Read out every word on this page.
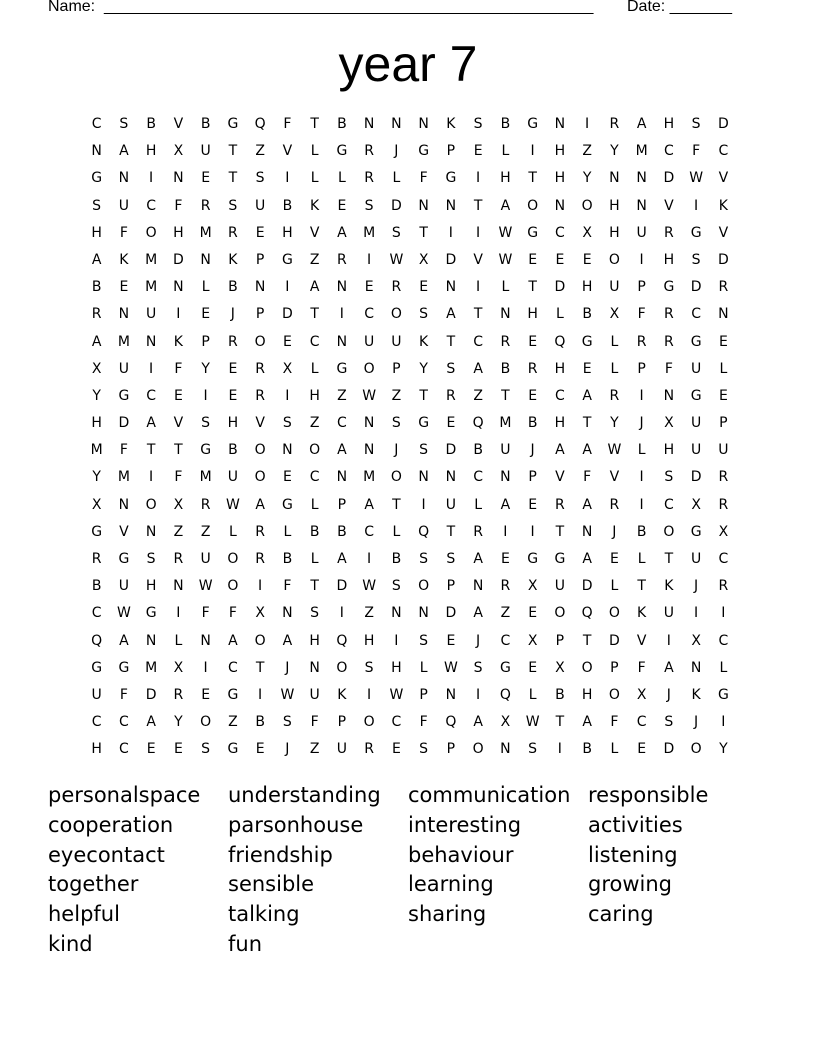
Name: _______________________________________________________ Date: _______
year 7
C	S	B	V	B	G	Q	F	T	B	N	N	N	K	S	B	G	N	I	R	A	H	S	D
N	A	H	X	U	T	Z	V	L	G	R	J	G	P	E	L	I	H	Z	Y	M	C	F	C
G	N	I	N	E	T	S	I	L	L	R	L	F	G	I	H	T	H	Y	N	N	D	W	V
S	U	C	F	R	S	U	B	K	E	S	D	N	N	T	A	O	N	O	H	N	V	I	K
H	F	O	H	M	R	E	H	V	A	M	S	T	I	I	W	G	C	X	H	U	R	G	V
A	K	M	D	N	K	P	G	Z	R	I	W	X	D	V	W	E	E	E	O	I	H	S	D
B	E	M	N	L	B	N	I	A	N	E	R	E	N	I	L	T	D	H	U	P	G	D	R
R	N	U	I	E	J	P	D	T	I	C	O	S	A	T	N	H	L	B	X	F	R	C	N
A	M	N	K	P	R	O	E	C	N	U	U	K	T	C	R	E	Q	G	L	R	R	G	E
X	U	I	F	Y	E	R	X	L	G	O	P	Y	S	A	B	R	H	E	L	P	F	U	L
Y	G	C	E	I	E	R	I	H	Z	W	Z	T	R	Z	T	E	C	A	R	I	N	G	E
H	D	A	V	S	H	V	S	Z	C	N	S	G	E	Q	M	B	H	T	Y	J	X	U	P
M	F	T	T	G	B	O	N	O	A	N	J	S	D	B	U	J	A	A	W	L	H	U	U
Y	M	I	F	M	U	O	E	C	N	M	O	N	N	C	N	P	V	F	V	I	S	D	R
X	N	O	X	R	W	A	G	L	P	A	T	I	U	L	A	E	R	A	R	I	C	X	R
G	V	N	Z	Z	L	R	L	B	B	C	L	Q	T	R	I	I	T	N	J	B	O	G	X
R	G	S	R	U	O	R	B	L	A	I	B	S	S	A	E	G	G	A	E	L	T	U	C
B	U	H	N	W	O	I	F	T	D	W	S	O	P	N	R	X	U	D	L	T	K	J	R
C	W	G	I	F	F	X	N	S	I	Z	N	N	D	A	Z	E	O	Q	O	K	U	I	I
Q	A	N	L	N	A	O	A	H	Q	H	I	S	E	J	C	X	P	T	D	V	I	X	C
G	G	M	X	I	C	T	J	N	O	S	H	L	W	S	G	E	X	O	P	F	A	N	L
U	F	D	R	E	G	I	W	U	K	I	W	P	N	I	Q	L	B	H	O	X	J	K	G
C	C	A	Y	O	Z	B	S	F	P	O	C	F	Q	A	X	W	T	A	F	C	S	J	I
H	C	E	E	S	G	E	J	Z	U	R	E	S	P	O	N	S	I	B	L	E	D	O	Y
personalspace	understanding	communication responsible
cooperation	parsonhouse	interesting	activities
eyecontact	friendship	behaviour	listening
together	sensible	learning	growing
helpful	talking	sharing	caring
kind	fun
